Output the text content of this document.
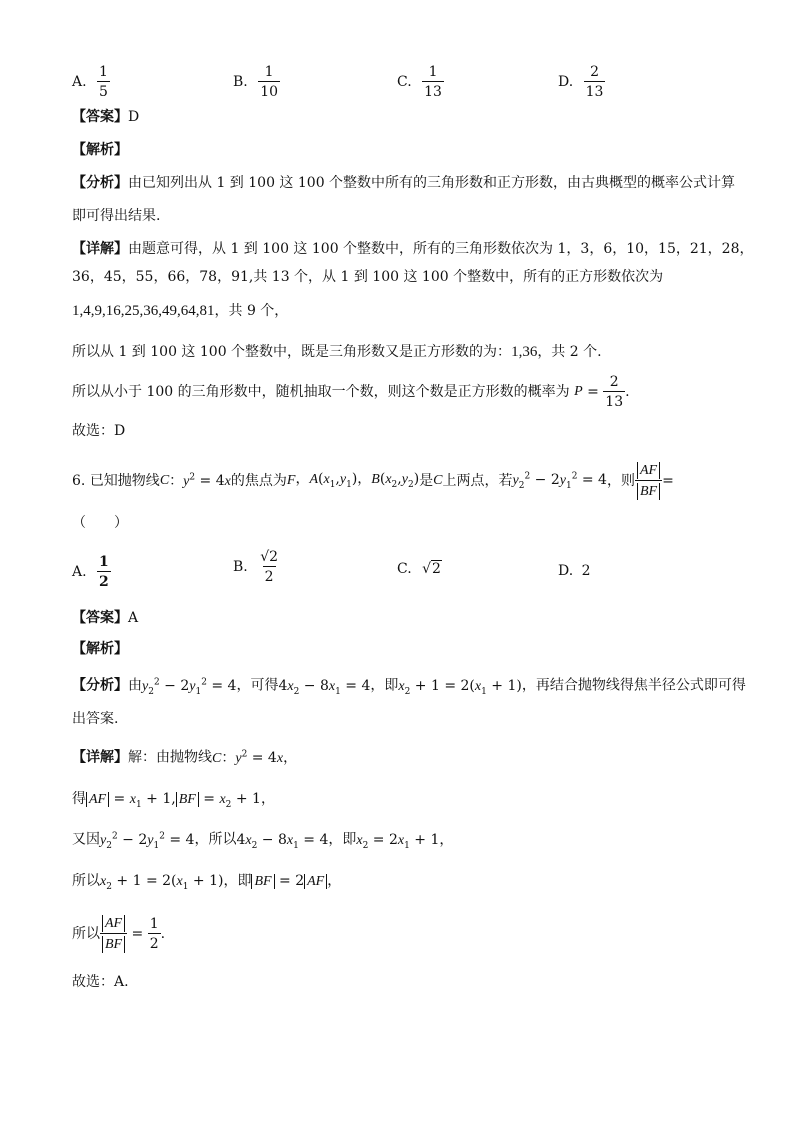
A. $\frac{1}{5}$	B. $\frac{1}{10}$	C. $\frac{1}{13}$	D. $\frac{2}{13}$
【答案】D
【解析】
【分析】由已知列出从 1 到 100 这 100 个整数中所有的三角形数和正方形数，由古典概型的概率公式计算
即可得出结果.
【详解】由题意可得，从 1 到 100 这 100 个整数中，所有的三角形数依次为 1，3，6，10，15，21，28，
36，45，55，66，78，91,共 13 个，从 1 到 100 这 100 个整数中，所有的正方形数依次为
1,4,9,16,25,36,49,64,81，共 9 个，
所以从 1 到 100 这 100 个整数中，既是三角形数又是正方形数的为：1,36，共 2 个.
所以从小于 100 的三角形数中，随机抽取一个数，则这个数是正方形数的概率为 $P = \frac{2}{13}$ .
故选：D
6. 已知抛物线C：$y^2 = 4x$的焦点为F，$A(x_1,y_1)$，$B(x_2,y_2)$是C上两点，若$y_2^2 - 2y_1^2 = 4$，则 $\frac{AF}{BF}$ =
（　　）
A. $\frac{1}{2}$	B. $\frac{√2}{2}$	C. √2	D. 2
【答案】A
【解析】
【分析】由$y_2^2 - 2y_1^2 = 4$，可得$4x_2 - 8x_1 = 4$，即$x_2 + 1 = 2(x_1 + 1)$，再结合抛物线得焦半径公式即可得
出答案.
【详解】解：由抛物线C：$y^2 = 4x$，
得 AF = $x_1 + 1$, BF = $x_2 + 1$，
又因$y_2^2 - 2y_1^2 = 4$，所以$4x_2 - 8x_1 = 4$，即$x_2 = 2x_1 + 1$，
所以$x_2 + 1 = 2(x_1 + 1)$，即 BF = 2 AF ，
所以 $\frac{AF}{BF} = \frac{1}{2}$ .
故选：A.
